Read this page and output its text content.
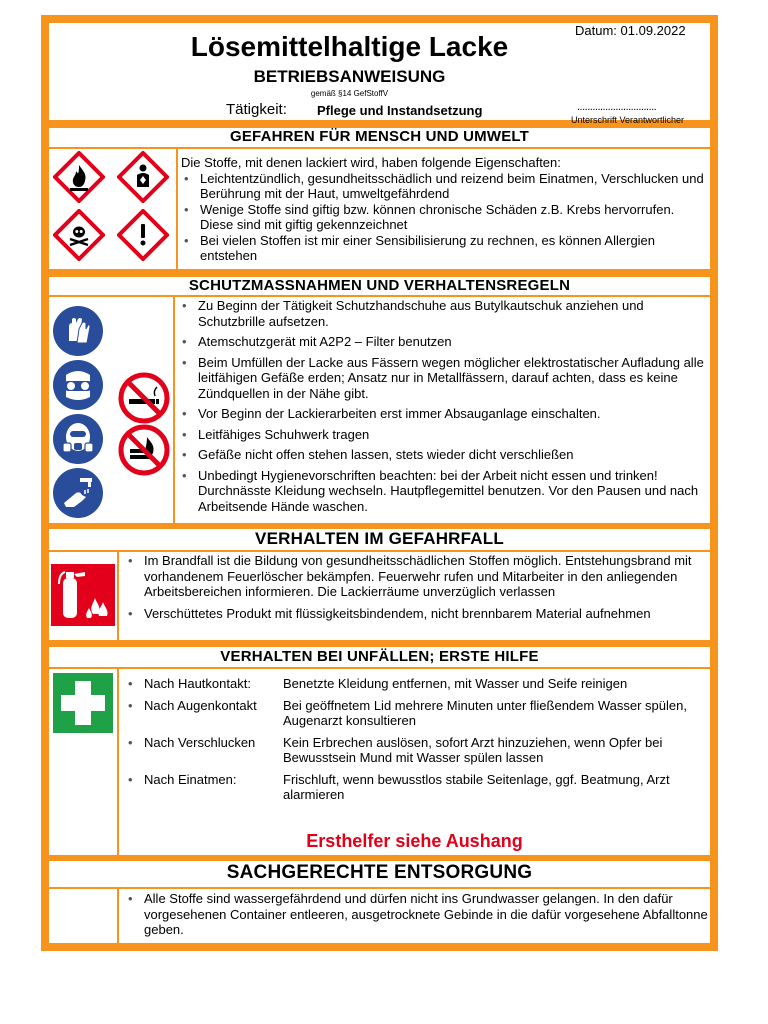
Lösemittelhaltige Lacke
BETRIEBSANWEISUNG
gemäß §14 GefStoffV
Tätigkeit: Pflege und Instandsetzung
Datum: 01.09.2022
...............................
Unterschrift Verantwortlicher
GEFAHREN FÜR MENSCH UND UMWELT
Die Stoffe, mit denen lackiert wird, haben folgende Eigenschaften:
• Leichtentzündlich, gesundheitsschädlich und reizend beim Einatmen, Verschlucken und Berührung mit der Haut, umweltgefährdend
• Wenige Stoffe sind giftig bzw. können chronische Schäden z.B. Krebs hervorrufen. Diese sind mit giftig gekennzeichnet
• Bei vielen Stoffen ist mir einer Sensibilisierung zu rechnen, es können Allergien entstehen
SCHUTZMASSNAHMEN UND VERHALTENSREGELN
• Zu Beginn der Tätigkeit Schutzhandschuhe aus Butylkautschuk anziehen und Schutzbrille aufsetzen.
• Atemschutzgerät mit A2P2 – Filter benutzen
• Beim Umfüllen der Lacke aus Fässern wegen möglicher elektrostatischer Aufladung alle leitfähigen Gefäße erden; Ansatz nur in Metallfässern, darauf achten, dass es keine Zündquellen in der Nähe gibt.
• Vor Beginn der Lackierarbeiten erst immer Absauganlage einschalten.
• Leitfähiges Schuhwerk tragen
• Gefäße nicht offen stehen lassen, stets wieder dicht verschließen
• Unbedingt Hygienevorschriften beachten: bei der Arbeit nicht essen und trinken! Durchnässte Kleidung wechseln. Hautpflegemittel benutzen. Vor den Pausen und nach Arbeitsende Hände waschen.
VERHALTEN IM GEFAHRFALL
• Im Brandfall ist die Bildung von gesundheitsschädlichen Stoffen möglich. Entstehungsbrand mit vorhandenem Feuerlöscher bekämpfen. Feuerwehr rufen und Mitarbeiter in den anliegenden Arbeitsbereichen informieren. Die Lackierräume unverzüglich verlassen
• Verschüttetes Produkt mit flüssigkeitsbindendem, nicht brennbarem Material aufnehmen
VERHALTEN BEI UNFÄLLEN; ERSTE HILFE
• Nach Hautkontakt:	Benetzte Kleidung entfernen, mit Wasser und Seife reinigen
• Nach Augenkontakt	Bei geöffnetem Lid mehrere Minuten unter fließendem Wasser spülen, Augenarzt konsultieren
• Nach Verschlucken	Kein Erbrechen auslösen, sofort Arzt hinzuziehen, wenn Opfer bei Bewusstsein Mund mit Wasser spülen lassen
• Nach Einatmen:	Frischluft, wenn bewusstlos stabile Seitenlage, ggf. Beatmung, Arzt alarmieren
Ersthelfer siehe Aushang
SACHGERECHTE ENTSORGUNG
• Alle Stoffe sind wassergefährdend und dürfen nicht ins Grundwasser gelangen. In den dafür vorgesehenen Container entleeren, ausgetrocknete Gebinde in die dafür vorgesehene Abfalltonne geben.
